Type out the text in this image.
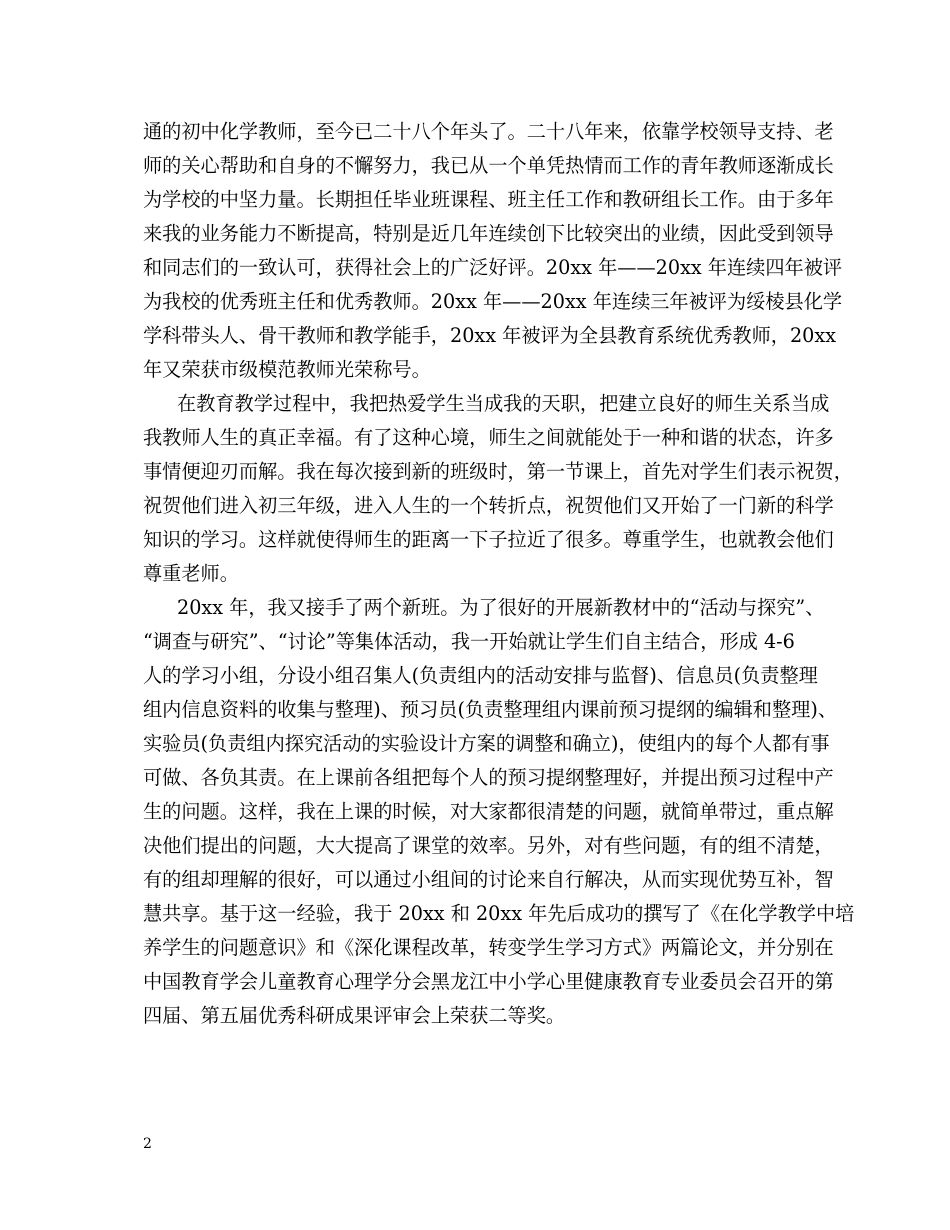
通的初中化学教师，至今已二十八个年头了。二十八年来，依靠学校领导支持、老
师的关心帮助和自身的不懈努力，我已从一个单凭热情而工作的青年教师逐渐成长
为学校的中坚力量。长期担任毕业班课程、班主任工作和教研组长工作。由于多年
来我的业务能力不断提高，特别是近几年连续创下比较突出的业绩，因此受到领导
和同志们的一致认可，获得社会上的广泛好评。20xx 年——20xx 年连续四年被评
为我校的优秀班主任和优秀教师。20xx 年——20xx 年连续三年被评为绥棱县化学
学科带头人、骨干教师和教学能手，20xx 年被评为全县教育系统优秀教师，20xx
年又荣获市级模范教师光荣称号。
在教育教学过程中，我把热爱学生当成我的天职，把建立良好的师生关系当成
我教师人生的真正幸福。有了这种心境，师生之间就能处于一种和谐的状态，许多
事情便迎刃而解。我在每次接到新的班级时，第一节课上，首先对学生们表示祝贺，
祝贺他们进入初三年级，进入人生的一个转折点，祝贺他们又开始了一门新的科学
知识的学习。这样就使得师生的距离一下子拉近了很多。尊重学生，也就教会他们
尊重老师。
20xx 年，我又接手了两个新班。为了很好的开展新教材中的“活动与探究”、
“调查与研究”、“讨论”等集体活动，我一开始就让学生们自主结合，形成 4-6
人的学习小组，分设小组召集人(负责组内的活动安排与监督)、信息员(负责整理
组内信息资料的收集与整理)、预习员(负责整理组内课前预习提纲的编辑和整理)、
实验员(负责组内探究活动的实验设计方案的调整和确立)，使组内的每个人都有事
可做、各负其责。在上课前各组把每个人的预习提纲整理好，并提出预习过程中产
生的问题。这样，我在上课的时候，对大家都很清楚的问题，就简单带过，重点解
决他们提出的问题，大大提高了课堂的效率。另外，对有些问题，有的组不清楚，
有的组却理解的很好，可以通过小组间的讨论来自行解决，从而实现优势互补，智
慧共享。基于这一经验，我于 20xx 和 20xx 年先后成功的撰写了《在化学教学中培
养学生的问题意识》和《深化课程改革，转变学生学习方式》两篇论文，并分别在
中国教育学会儿童教育心理学分会黑龙江中小学心里健康教育专业委员会召开的第
四届、第五届优秀科研成果评审会上荣获二等奖。
2
